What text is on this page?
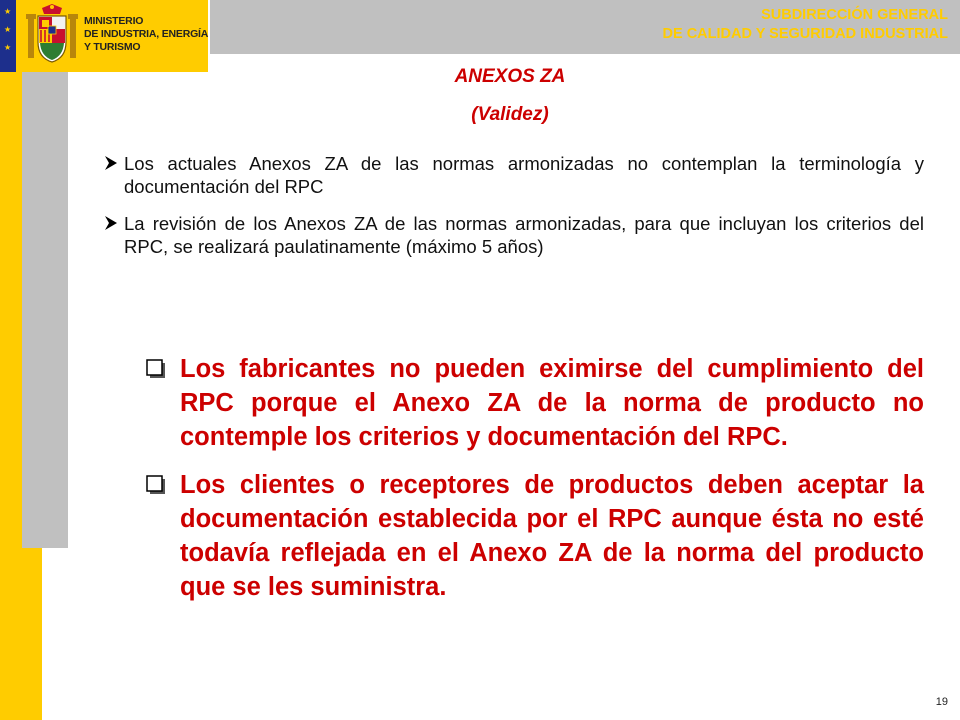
★
★
★
MINISTERIO
DE INDUSTRIA, ENERGÍA
Y TURISMO
SUBDIRECCIÓN GENERAL
DE CALIDAD Y SEGURIDAD INDUSTRIAL
ANEXOS ZA
(Validez)
Los actuales Anexos ZA de las normas armonizadas no contemplan la terminología y documentación del RPC
La revisión de los Anexos ZA de las normas armonizadas, para que incluyan los criterios del RPC, se realizará paulatinamente (máximo 5 años)
Los fabricantes no pueden eximirse del cumplimiento del RPC porque el Anexo ZA de la norma de producto no contemple los criterios y documentación del RPC.
Los clientes o receptores de productos deben aceptar la documentación establecida por el RPC aunque ésta no esté todavía reflejada en el Anexo ZA de la norma del producto que se les suministra.
19
